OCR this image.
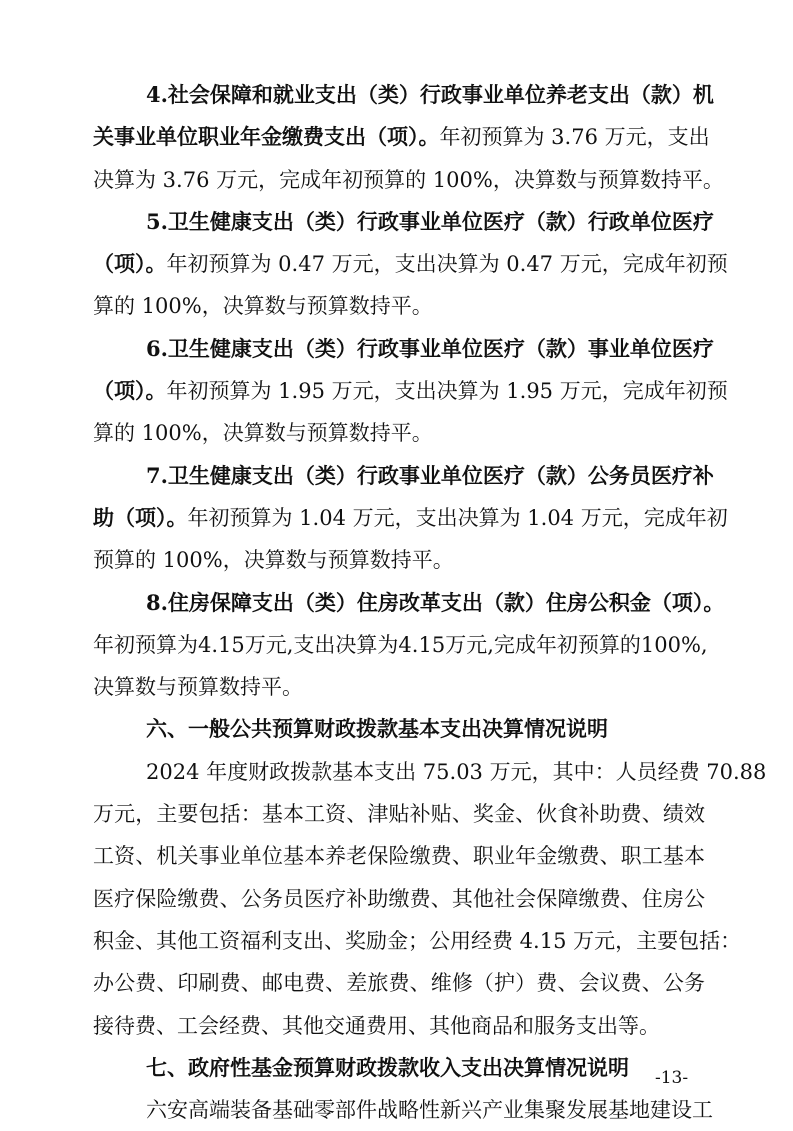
4.社会保障和就业支出（类）行政事业单位养老支出（款）机
关事业单位职业年金缴费支出（项）。年初预算为 3.76 万元，支出
决算为 3.76 万元，完成年初预算的 100%，决算数与预算数持平。
5.卫生健康支出（类）行政事业单位医疗（款）行政单位医疗
（项）。年初预算为 0.47 万元，支出决算为 0.47 万元，完成年初预
算的 100%，决算数与预算数持平。
6.卫生健康支出（类）行政事业单位医疗（款）事业单位医疗
（项）。年初预算为 1.95 万元，支出决算为 1.95 万元，完成年初预
算的 100%，决算数与预算数持平。
7.卫生健康支出（类）行政事业单位医疗（款）公务员医疗补
助（项）。年初预算为 1.04 万元，支出决算为 1.04 万元，完成年初
预算的 100%，决算数与预算数持平。
8.住房保障支出（类）住房改革支出（款）住房公积金（项）。
年初预算为4.15万元,支出决算为4.15万元,完成年初预算的100%,
决算数与预算数持平。
六、一般公共预算财政拨款基本支出决算情况说明
2024 年度财政拨款基本支出 75.03 万元，其中：人员经费 70.88
万元，主要包括：基本工资、津贴补贴、奖金、伙食补助费、绩效
工资、机关事业单位基本养老保险缴费、职业年金缴费、职工基本
医疗保险缴费、公务员医疗补助缴费、其他社会保障缴费、住房公
积金、其他工资福利支出、奖励金；公用经费 4.15 万元，主要包括：
办公费、印刷费、邮电费、差旅费、维修（护）费、会议费、公务
接待费、工会经费、其他交通费用、其他商品和服务支出等。
七、政府性基金预算财政拨款收入支出决算情况说明
六安高端装备基础零部件战略性新兴产业集聚发展基地建设工
-13-
